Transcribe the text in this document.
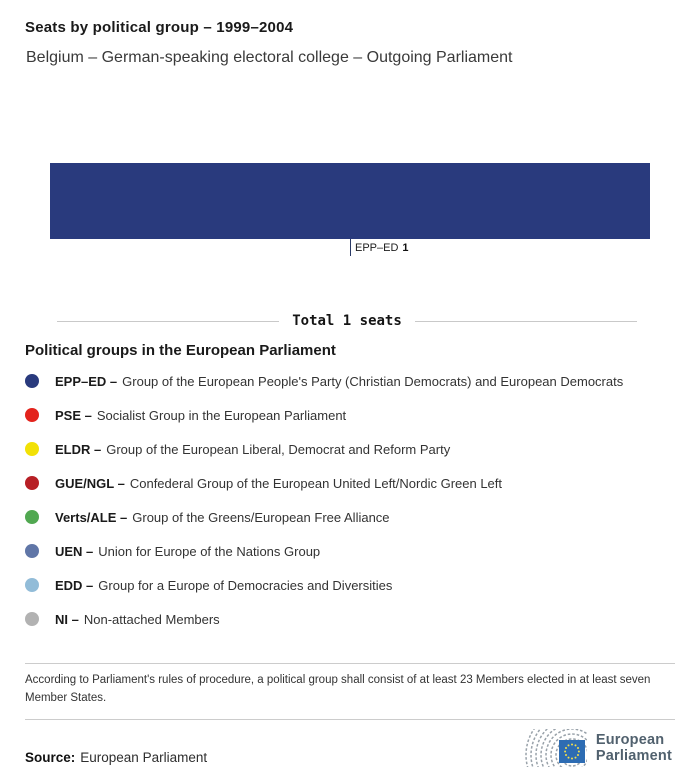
Seats by political group – 1999–2004
Belgium – German-speaking electoral college – Outgoing Parliament
EPP–ED 1
Total 1 seats
Political groups in the European Parliament
EPP–ED – Group of the European People's Party (Christian Democrats) and European Democrats
PSE – Socialist Group in the European Parliament
ELDR – Group of the European Liberal, Democrat and Reform Party
GUE/NGL – Confederal Group of the European United Left/Nordic Green Left
Verts/ALE – Group of the Greens/European Free Alliance
UEN – Union for Europe of the Nations Group
EDD – Group for a Europe of Democracies and Diversities
NI – Non-attached Members
According to Parliament's rules of procedure, a political group shall consist of at least 23 Members elected in at least seven Member States.
Source: European Parliament
European
Parliament
